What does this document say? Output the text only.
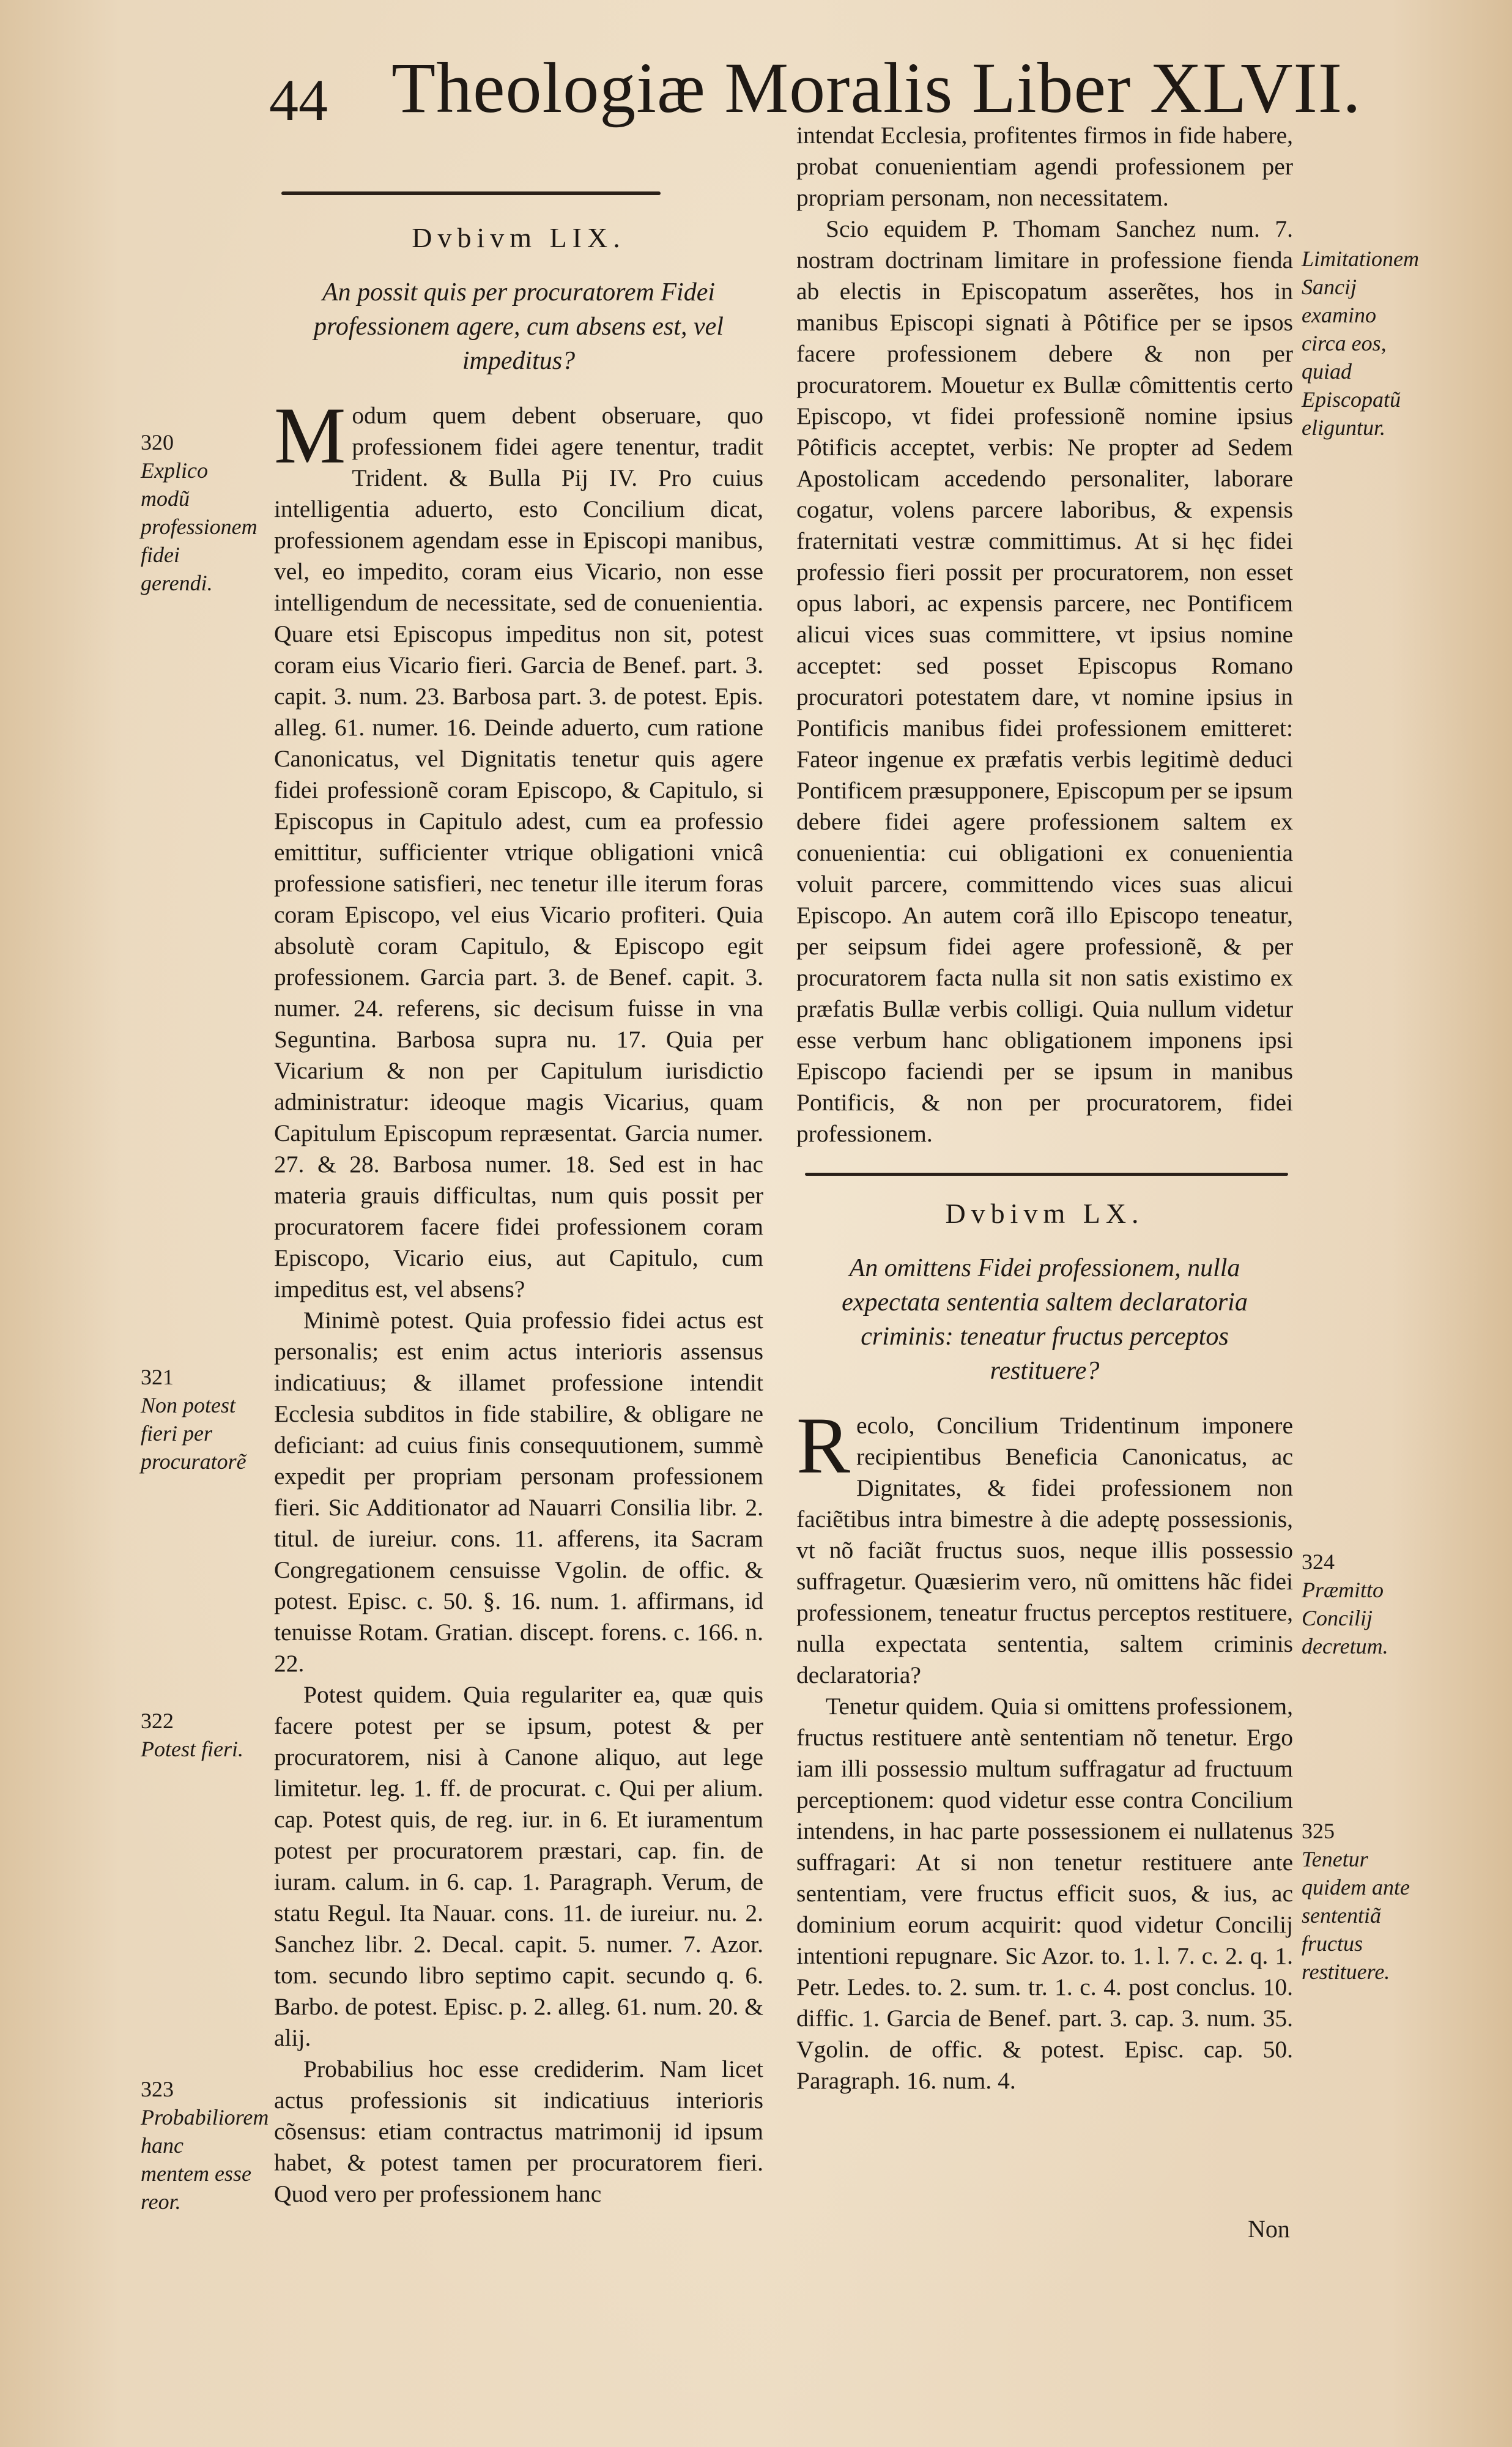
44 Theologiæ Moralis Liber XLVII.
Dvbivm LIX.
An possit quis per procuratorem Fidei professionem agere, cum absens est, vel impeditus?

Modum quem debent obseruare, quo professionem fidei agere tenentur, tradit Trident. & Bulla Pij IV. Pro cuius intelligentia aduerto, esto Concilium dicat, professionem agendam esse in Episcopi manibus, vel, eo impedito, coram eius Vicario, non esse intelligendum de necessitate, sed de conuenientia. Quare etsi Episcopus impeditus non sit, potest coram eius Vicario fieri. Garcia de Benef. part. 3. capit. 3. num. 23. Barbosa part. 3. de potest. Epis. alleg. 61. numer. 16. Deinde aduerto, cum ratione Canonicatus, vel Dignitatis tenetur quis agere fidei professionẽ coram Episcopo, & Capitulo, si Episcopus in Capitulo adest, cum ea professio emittitur, sufficienter vtrique obligationi vnicâ professione satisfieri, nec tenetur ille iterum foras coram Episcopo, vel eius Vicario profiteri. Quia absolutè coram Capitulo, & Episcopo egit professionem. Garcia part. 3. de Benef. capit. 3. numer. 24. referens, sic decisum fuisse in vna Seguntina. Barbosa supra nu. 17. Quia per Vicarium & non per Capitulum iurisdictio administratur: ideoque magis Vicarius, quam Capitulum Episcopum repræsentat. Garcia numer. 27. & 28. Barbosa numer. 18. Sed est in hac materia grauis difficultas, num quis possit per procuratorem facere fidei professionem coram Episcopo, Vicario eius, aut Capitulo, cum impeditus est, vel absens?

Minimè potest. Quia professio fidei actus est personalis; est enim actus interioris assensus indicatiuus; & illamet professione intendit Ecclesia subditos in fide stabilire, & obligare ne deficiant: ad cuius finis consequutionem, summè expedit per propriam personam professionem fieri. Sic Additionator ad Nauarri Consilia libr. 2. titul. de iureiur. cons. 11. afferens, ita Sacram Congregationem censuisse Vgolin. de offic. & potest. Episc. c. 50. §. 16. num. 1. affirmans, id tenuisse Rotam. Gratian. discept. forens. c. 166. n. 22.

Potest quidem. Quia regulariter ea, quæ quis facere potest per se ipsum, potest & per procuratorem, nisi à Canone aliquo, aut lege limitetur. leg. 1. ff. de procurat. c. Qui per alium. cap. Potest quis, de reg. iur. in 6. Et iuramentum potest per procuratorem præstari, cap. fin. de iuram. calum. in 6. cap. 1. Paragraph. Verum, de statu Regul. Ita Nauar. cons. 11. de iureiur. nu. 2. Sanchez libr. 2. Decal. capit. 5. numer. 7. Azor. tom. secundo libro septimo capit. secundo q. 6. Barbo. de potest. Episc. p. 2. alleg. 61. num. 20. & alij.

Probabilius hoc esse crediderim. Nam licet actus professionis sit indicatiuus interioris cõsensus: etiam contractus matrimonij id ipsum habet, & potest tamen per procuratorem fieri. Quod vero per professionem hanc

intendat Ecclesia, profitentes firmos in fide habere, probat conuenientiam agendi professionem per propriam personam, non necessitatem.

Scio equidem P. Thomam Sanchez num. 7. nostram doctrinam limitare in professione fienda ab electis in Episcopatum asserẽtes, hos in manibus Episcopi signati à Pôtifice per se ipsos facere professionem debere & non per procuratorem. Mouetur ex Bullæ cômittentis certo Episcopo, vt fidei professionẽ nomine ipsius Pôtificis acceptet, verbis: Ne propter ad Sedem Apostolicam accedendo personaliter, laborare cogatur, volens parcere laboribus, & expensis fraternitati vestræ committimus. At si hęc fidei professio fieri possit per procuratorem, non esset opus labori, ac expensis parcere, nec Pontificem alicui vices suas committere, vt ipsius nomine acceptet: sed posset Episcopus Romano procuratori potestatem dare, vt nomine ipsius in Pontificis manibus fidei professionem emitteret: Fateor ingenue ex præfatis verbis legitimè deduci Pontificem præsupponere, Episcopum per se ipsum debere fidei agere professionem saltem ex conuenientia: cui obligationi ex conuenientia voluit parcere, committendo vices suas alicui Episcopo. An autem corã illo Episcopo teneatur, per seipsum fidei agere professionẽ, & per procuratorem facta nulla sit non satis existimo ex præfatis Bullæ verbis colligi. Quia nullum videtur esse verbum hanc obligationem imponens ipsi Episcopo faciendi per se ipsum in manibus Pontificis, & non per procuratorem, fidei professionem.

Dvbivm LX.
An omittens Fidei professionem, nulla expectata sententia saltem declaratoria criminis: teneatur fructus perceptos restituere?

Recolo, Concilium Tridentinum imponere recipientibus Beneficia Canonicatus, ac Dignitates, & fidei professionem non faciẽtibus intra bimestre à die adeptę possessionis, vt nõ faciãt fructus suos, neque illis possessio suffragetur. Quæsierim vero, nũ omittens hãc fidei professionem, teneatur fructus perceptos restituere, nulla expectata sententia, saltem criminis declaratoria?

Tenetur quidem. Quia si omittens professionem, fructus restituere antè sententiam nõ tenetur. Ergo iam illi possessio multum suffragatur ad fructuum perceptionem: quod videtur esse contra Concilium intendens, in hac parte possessionem ei nullatenus suffragari: At si non tenetur restituere ante sententiam, vere fructus efficit suos, & ius, ac dominium eorum acquirit: quod videtur Concilij intentioni repugnare. Sic Azor. to. 1. l. 7. c. 2. q. 1. Petr. Ledes. to. 2. sum. tr. 1. c. 4. post conclus. 10. diffic. 1. Garcia de Benef. part. 3. cap. 3. num. 35. Vgolin. de offic. & potest. Episc. cap. 50. Paragraph. 16. num. 4.

320
Explico modũ professionem fidei gerendi.
321
Non potest fieri per procuratorẽ
322
Potest fieri.
323
Probabiliorem hanc mentem esse reor.
Limitationem Sancij examino circa eos, quiad Episcopatũ eliguntur.
324
Præmitto Concilij decretum.
325
Tenetur quidem ante sententiã fructus restituere.
Non
